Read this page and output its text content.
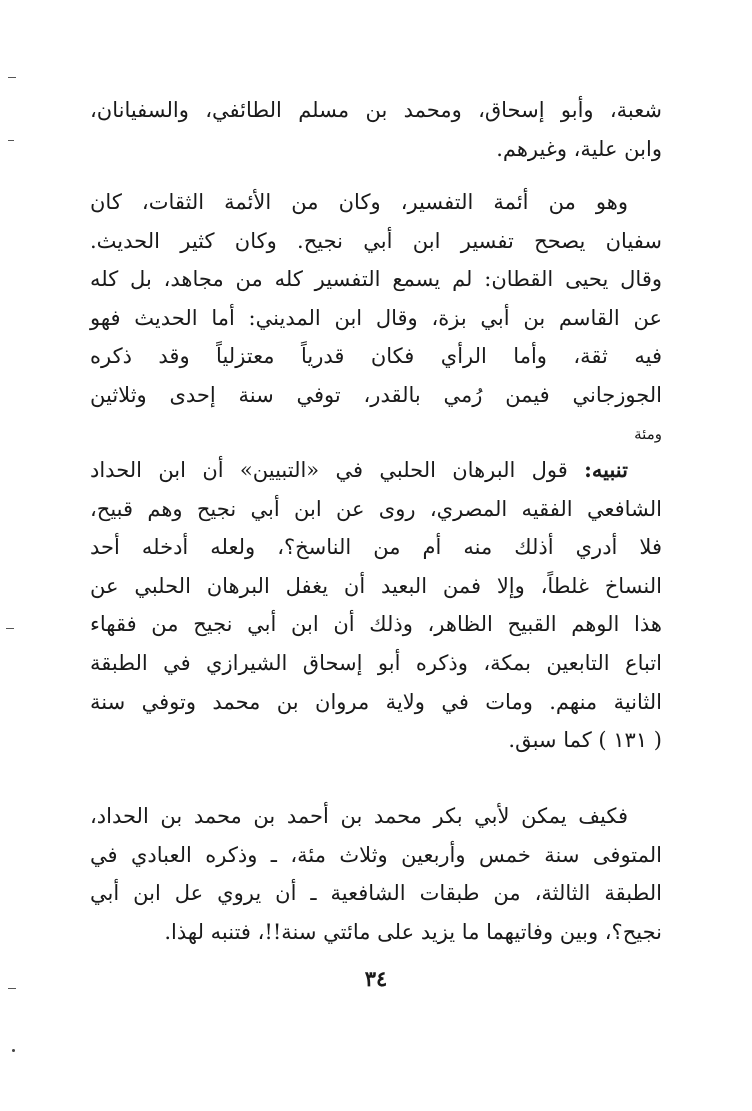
شعبة، وأبو إسحاق، ومحمد بن مسلم الطائفي، والسفيانان،
وابن علية، وغيرهم.
وهو من أئمة التفسير، وكان من الأئمة الثقات، كان
سفيان يصحح تفسير ابن أبي نجيح. وكان كثير الحديث.
وقال يحيى القطان: لم يسمع التفسير كله من مجاهد، بل كله
عن القاسم بن أبي بزة، وقال ابن المديني: أما الحديث فهو
فيه ثقة، وأما الرأي فكان قدرياً معتزلياً وقد ذكره
الجوزجاني فيمن رُمي بالقدر، توفي سنة إحدى وثلاثين
ومئة
تنبيه: قول البرهان الحلبي في «التبيين» أن ابن الحداد
الشافعي الفقيه المصري، روى عن ابن أبي نجيح وهم قبيح،
فلا أدري أذلك منه أم من الناسخ؟، ولعله أدخله أحد
النساخ غلطاً، وإلا فمن البعيد أن يغفل البرهان الحلبي عن
هذا الوهم القبيح الظاهر، وذلك أن ابن أبي نجيح من فقهاء
اتباع التابعين بمكة، وذكره أبو إسحاق الشيرازي في الطبقة
الثانية منهم. ومات في ولاية مروان بن محمد وتوفي سنة
( ١٣١ ) كما سبق.
فكيف يمكن لأبي بكر محمد بن أحمد بن محمد بن الحداد،
المتوفى سنة خمس وأربعين وثلاث مئة، ـ وذكره العبادي في
الطبقة الثالثة، من طبقات الشافعية ـ أن يروي عل ابن أبي
نجيح؟، وبين وفاتيهما ما يزيد على مائتي سنة!!، فتنبه لهذا.
٣٤
